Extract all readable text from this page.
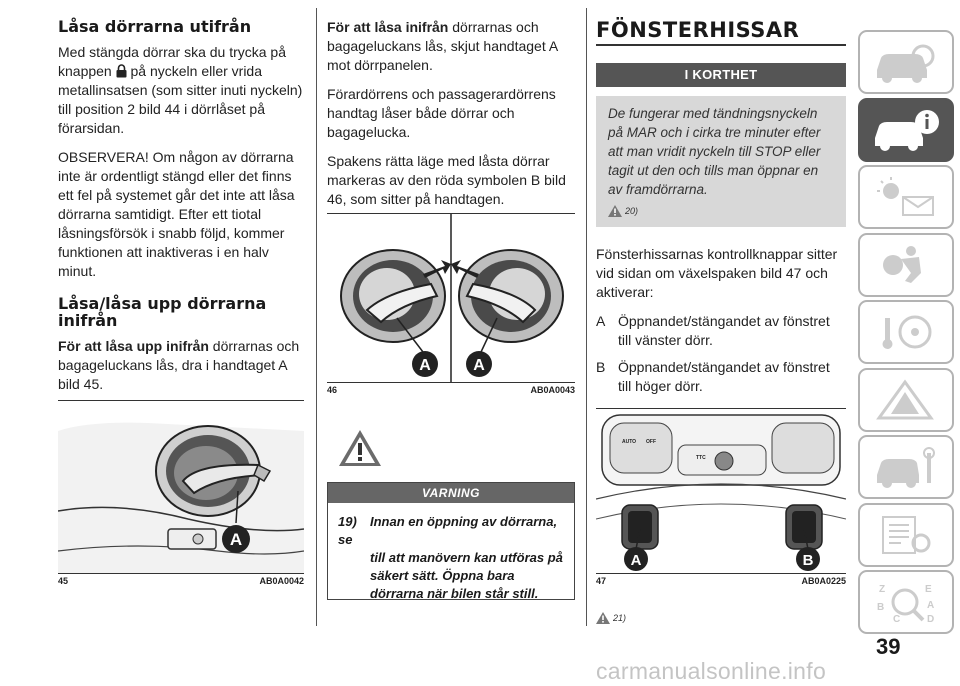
Låsa dörrarna utifrån

Med stängda dörrar ska du trycka på knappen  på nyckeln eller vrida metallinsatsen (som sitter inuti nyckeln) till position 2 bild 44 i dörrlåset på förarsidan.

OBSERVERA! Om någon av dörrarna inte är ordentligt stängd eller det finns ett fel på systemet går det inte att låsa dörrarna samtidigt. Efter ett tiotal låsningsförsök i snabb följd, kommer funktionen att inaktiveras i en halv minut.

Låsa/låsa upp dörrarna inifrån

För att låsa upp inifrån dörrarnas och bagageluckans lås, dra i handtaget A bild 45.

A
45	AB0A0042

För att låsa inifrån dörrarnas och bagageluckans lås, skjut handtaget A mot dörrpanelen.

Förardörrens och passagerardörrens handtag låser både dörrar och bagagelucka.

Spakens rätta läge med låsta dörrar markeras av den röda symbolen B bild 46, som sitter på handtagen.

A	A
46	AB0A0043
VARNING
19) Innan en öppning av dörrarna, se
till att manövern kan utföras på säkert sätt. Öppna bara dörrarna när bilen står still.
FÖNSTERHISSAR
I KORTHET

De fungerar med tändningsnyckeln på MAR och i cirka tre minuter efter att man vridit nyckeln till STOP eller tagit ut den och tills man öppnar en av framdörrarna.

20)

Fönsterhissarnas kontrollknappar sitter vid sidan om växelspaken bild 47 och aktiverar:

A Öppnandet/stängandet av fönstret till vänster dörr.
B Öppnandet/stängandet av fönstret till höger dörr.
AUTO OFF
TTC
A	B
47	AB0A0225
21)
Z	E
B	A
C	D
39
carmanualsonline.info
